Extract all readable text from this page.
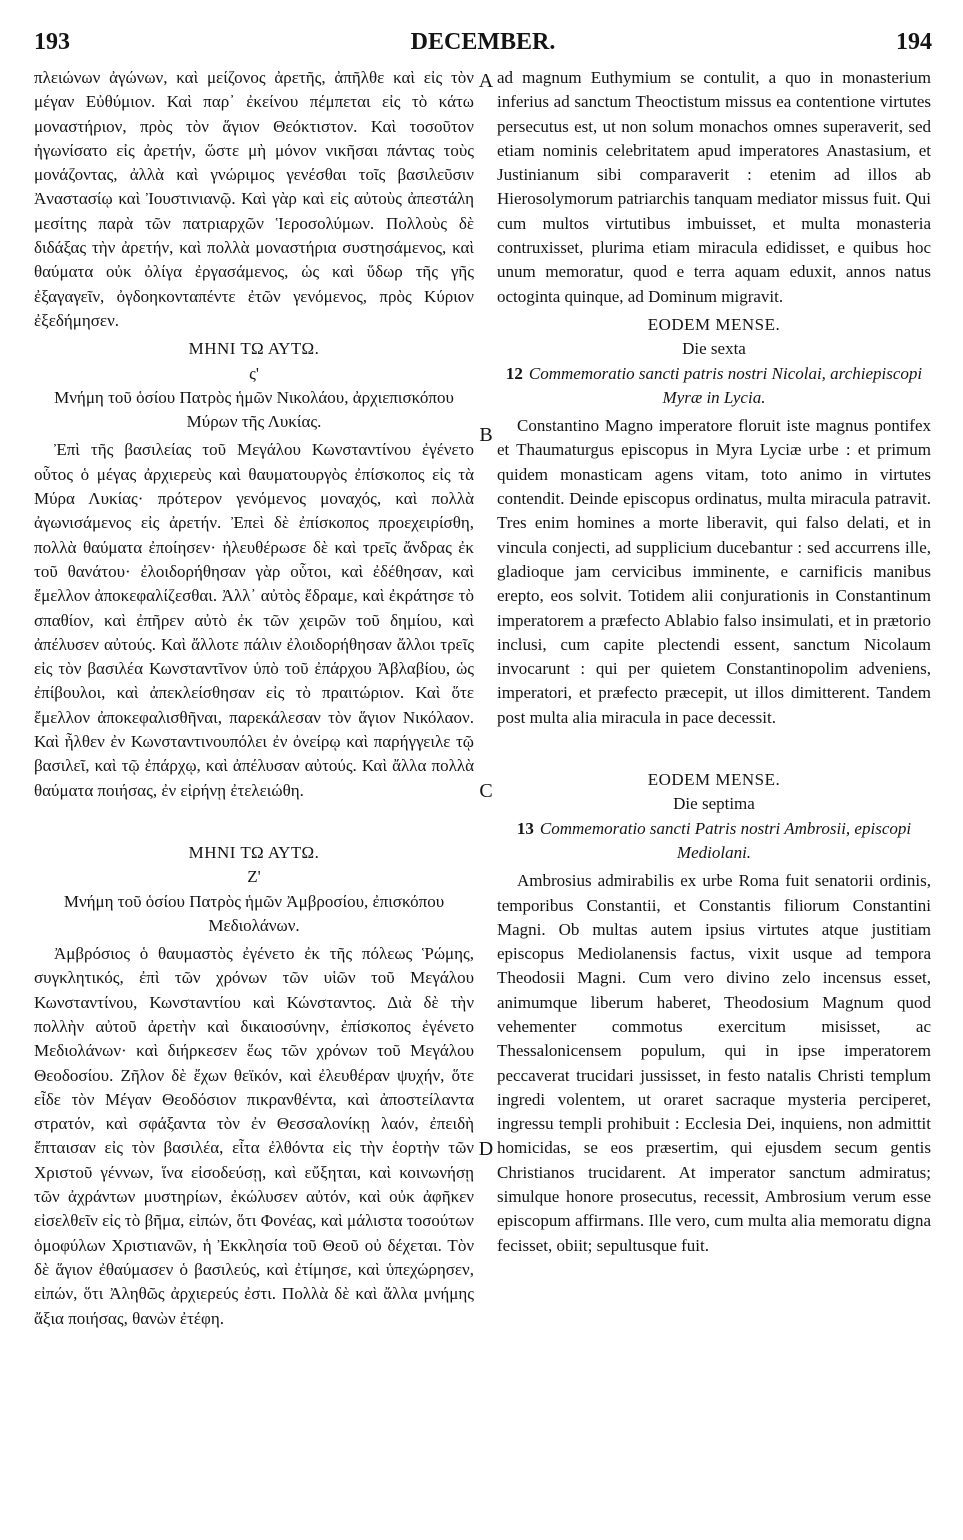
193	DECEMBER.	194
A
B
C
D

πλειώνων ἀγώνων, καὶ μείζονος ἀρετῆς, ἀπῆλθε καὶ εἰς τὸν μέγαν Εὐθύμιον. Καὶ παρ᾽ ἐκείνου πέμπεται εἰς τὸ κάτω μοναστήριον, πρὸς τὸν ἅγιον Θεόκτιστον. Καὶ τοσοῦτον ἠγωνίσατο εἰς ἀρετήν, ὥστε μὴ μόνον νικῆσαι πάντας τοὺς μονάζοντας, ἀλλὰ καὶ γνώριμος γενέσθαι τοῖς βασιλεῦσιν Ἀναστασίῳ καὶ Ἰουστινιανῷ. Καὶ γὰρ καὶ εἰς αὐτοὺς ἀπεστάλη μεσίτης παρὰ τῶν πατριαρχῶν Ἱεροσολύμων. Πολλοὺς δὲ διδάξας τὴν ἀρετήν, καὶ πολλὰ μοναστήρια συστησάμενος, καὶ θαύματα οὐκ ὀλίγα ἐργασάμενος, ὡς καὶ ὕδωρ τῆς γῆς ἐξαγαγεῖν, ὀγδοηκονταπέντε ἐτῶν γενόμενος, πρὸς Κύριον ἐξεδήμησεν.

ΜΗΝΙ ΤΩ ΑΥΤΩ.

ς'

Μνήμη τοῦ ὁσίου Πατρὸς ἡμῶν Νικολάου, ἀρχιεπισκόπου Μύρων τῆς Λυκίας.

Ἐπὶ τῆς βασιλείας τοῦ Μεγάλου Κωνσταντίνου ἐγένετο οὗτος ὁ μέγας ἀρχιερεὺς καὶ θαυματουργὸς ἐπίσκοπος εἰς τὰ Μύρα Λυκίας· πρότερον γενόμενος μοναχός, καὶ πολλὰ ἀγωνισάμενος εἰς ἀρετήν. Ἐπεὶ δὲ ἐπίσκοπος προεχειρίσθη, πολλὰ θαύματα ἐποίησεν· ἠλευθέρωσε δὲ καὶ τρεῖς ἄνδρας ἐκ τοῦ θανάτου· ἐλοιδορήθησαν γὰρ οὗτοι, καὶ ἐδέθησαν, καὶ ἔμελλον ἀποκεφαλίζεσθαι. Ἀλλ᾽ αὐτὸς ἔδραμε, καὶ ἐκράτησε τὸ σπαθίον, καὶ ἐπῆρεν αὐτὸ ἐκ τῶν χειρῶν τοῦ δημίου, καὶ ἀπέλυσεν αὐτούς. Καὶ ἄλλοτε πάλιν ἐλοιδορήθησαν ἄλλοι τρεῖς εἰς τὸν βασιλέα Κωνσταντῖνον ὑπὸ τοῦ ἐπάρχου Ἀβλαβίου, ὡς ἐπίβουλοι, καὶ ἀπεκλείσθησαν εἰς τὸ πραιτώριον. Καὶ ὅτε ἔμελλον ἀποκεφαλισθῆναι, παρεκάλεσαν τὸν ἅγιον Νικόλαον. Καὶ ἦλθεν ἐν Κωνσταντινουπόλει ἐν ὀνείρῳ καὶ παρήγγειλε τῷ βασιλεῖ, καὶ τῷ ἐπάρχῳ, καὶ ἀπέλυσαν αὐτούς. Καὶ ἄλλα πολλὰ θαύματα ποιήσας, ἐν εἰρήνῃ ἐτελειώθη.

ΜΗΝΙ ΤΩ ΑΥΤΩ.

Ζ'

Μνήμη τοῦ ὁσίου Πατρὸς ἡμῶν Ἀμβροσίου, ἐπισκόπου Μεδιολάνων.

Ἀμβρόσιος ὁ θαυμαστὸς ἐγένετο ἐκ τῆς πόλεως Ῥώμης, συγκλητικός, ἐπὶ τῶν χρόνων τῶν υἱῶν τοῦ Μεγάλου Κωνσταντίνου, Κωνσταντίου καὶ Κώνσταντος. Διὰ δὲ τὴν πολλὴν αὐτοῦ ἀρετὴν καὶ δικαιοσύνην, ἐπίσκοπος ἐγένετο Μεδιολάνων· καὶ διήρκεσεν ἕως τῶν χρόνων τοῦ Μεγάλου Θεοδοσίου. Ζῆλον δὲ ἔχων θεϊκόν, καὶ ἐλευθέραν ψυχήν, ὅτε εἶδε τὸν Μέγαν Θεοδόσιον πικρανθέντα, καὶ ἀποστείλαντα στρατόν, καὶ σφάξαντα τὸν ἐν Θεσσαλονίκῃ λαόν, ἐπειδὴ ἔπταισαν εἰς τὸν βασιλέα, εἶτα ἐλθόντα εἰς τὴν ἑορτὴν τῶν Χριστοῦ γέννων, ἵνα εἰσοδεύσῃ, καὶ εὔξηται, καὶ κοινωνήσῃ τῶν ἀχράντων μυστηρίων, ἐκώλυσεν αὐτόν, καὶ οὐκ ἀφῆκεν εἰσελθεῖν εἰς τὸ βῆμα, εἰπών, ὅτι Φονέας, καὶ μάλιστα τοσούτων ὁμοφύλων Χριστιανῶν, ἡ Ἐκκλησία τοῦ Θεοῦ οὐ δέχεται. Τὸν δὲ ἅγιον ἐθαύμασεν ὁ βασιλεύς, καὶ ἐτίμησε, καὶ ὑπεχώρησεν, εἰπών, ὅτι Ἀληθῶς ἀρχιερεύς ἐστι. Πολλὰ δὲ καὶ ἄλλα μνήμης ἄξια ποιήσας, θανὼν ἐτέφη.

ad magnum Euthymium se contulit, a quo in monasterium inferius ad sanctum Theoctistum missus ea contentione virtutes persecutus est, ut non solum monachos omnes superaverit, sed etiam nominis celebritatem apud imperatores Anastasium, et Justinianum sibi comparaverit : etenim ad illos ab Hierosolymorum patriarchis tanquam mediator missus fuit. Qui cum multos virtutibus imbuisset, et multa monasteria contruxisset, plurima etiam miracula edidisset, e quibus hoc unum memoratur, quod e terra aquam eduxit, annos natus octoginta quinque, ad Dominum migravit.

EODEM MENSE.

Die sexta

12 Commemoratio sancti patris nostri Nicolai, archiepiscopi Myræ in Lycia.

Constantino Magno imperatore floruit iste magnus pontifex et Thaumaturgus episcopus in Myra Lyciæ urbe : et primum quidem monasticam agens vitam, toto animo in virtutes contendit. Deinde episcopus ordinatus, multa miracula patravit. Tres enim homines a morte liberavit, qui falso delati, et in vincula conjecti, ad supplicium ducebantur : sed accurrens ille, gladioque jam cervicibus imminente, e carnificis manibus erepto, eos solvit. Totidem alii conjurationis in Constantinum imperatorem a præfecto Ablabio falso insimulati, et in prætorio inclusi, cum capite plectendi essent, sanctum Nicolaum invocarunt : qui per quietem Constantinopolim adveniens, imperatori, et præfecto præcepit, ut illos dimitterent. Tandem post multa alia miracula in pace decessit.

EODEM MENSE.

Die septima

13 Commemoratio sancti Patris nostri Ambrosii, episcopi Mediolani.

Ambrosius admirabilis ex urbe Roma fuit senatorii ordinis, temporibus Constantii, et Constantis filiorum Constantini Magni. Ob multas autem ipsius virtutes atque justitiam episcopus Mediolanensis factus, vixit usque ad tempora Theodosii Magni. Cum vero divino zelo incensus esset, animumque liberum haberet, Theodosium Magnum quod vehementer commotus exercitum misisset, ac Thessalonicensem populum, qui in ipse imperatorem peccaverat trucidari jussisset, in festo natalis Christi templum ingredi volentem, ut oraret sacraque mysteria perciperet, ingressu templi prohibuit : Ecclesia Dei, inquiens, non admittit homicidas, se eos præsertim, qui ejusdem secum gentis Christianos trucidarent. At imperator sanctum admiratus; simulque honore prosecutus, recessit, Ambrosium verum esse episcopum affirmans. Ille vero, cum multa alia memoratu digna fecisset, obiit; sepultusque fuit.
